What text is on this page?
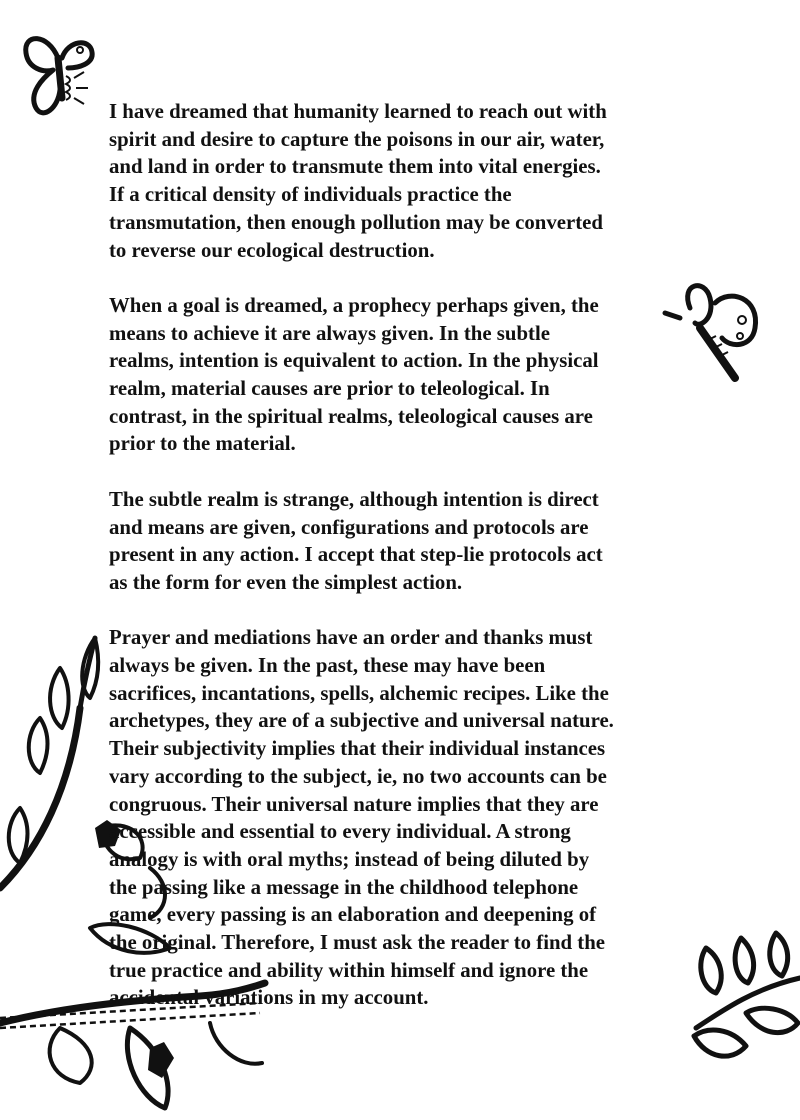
I have dreamed that humanity learned to reach out with
spirit and desire to capture the poisons in our air, water,
and land in order to transmute them into vital energies.
If a critical density of individuals practice the
transmutation, then enough pollution may be converted
to reverse our ecological destruction.

When a goal is dreamed, a prophecy perhaps given, the
means to achieve it are always given. In the subtle
realms, intention is equivalent to action. In the physical
realm, material causes are prior to teleological. In
contrast, in the spiritual realms, teleological causes are
prior to the material.

The subtle realm is strange, although intention is direct
and means are given, configurations and protocols are
present in any action. I accept that step-lie protocols act
as the form for even the simplest action.

Prayer and mediations have an order and thanks must
always be given. In the past, these may have been
sacrifices, incantations, spells, alchemic recipes. Like the
archetypes, they are of a subjective and universal nature.
Their subjectivity implies that their individual instances
vary according to the subject, ie, no two accounts can be
congruous. Their universal nature implies that they are
accessible and essential to every individual. A strong
analogy is with oral myths; instead of being diluted by
the passing like a message in the childhood telephone
game, every passing is an elaboration and deepening of
the original. Therefore, I must ask the reader to find the
true practice and ability within himself and ignore the
accidental variations in my account.
